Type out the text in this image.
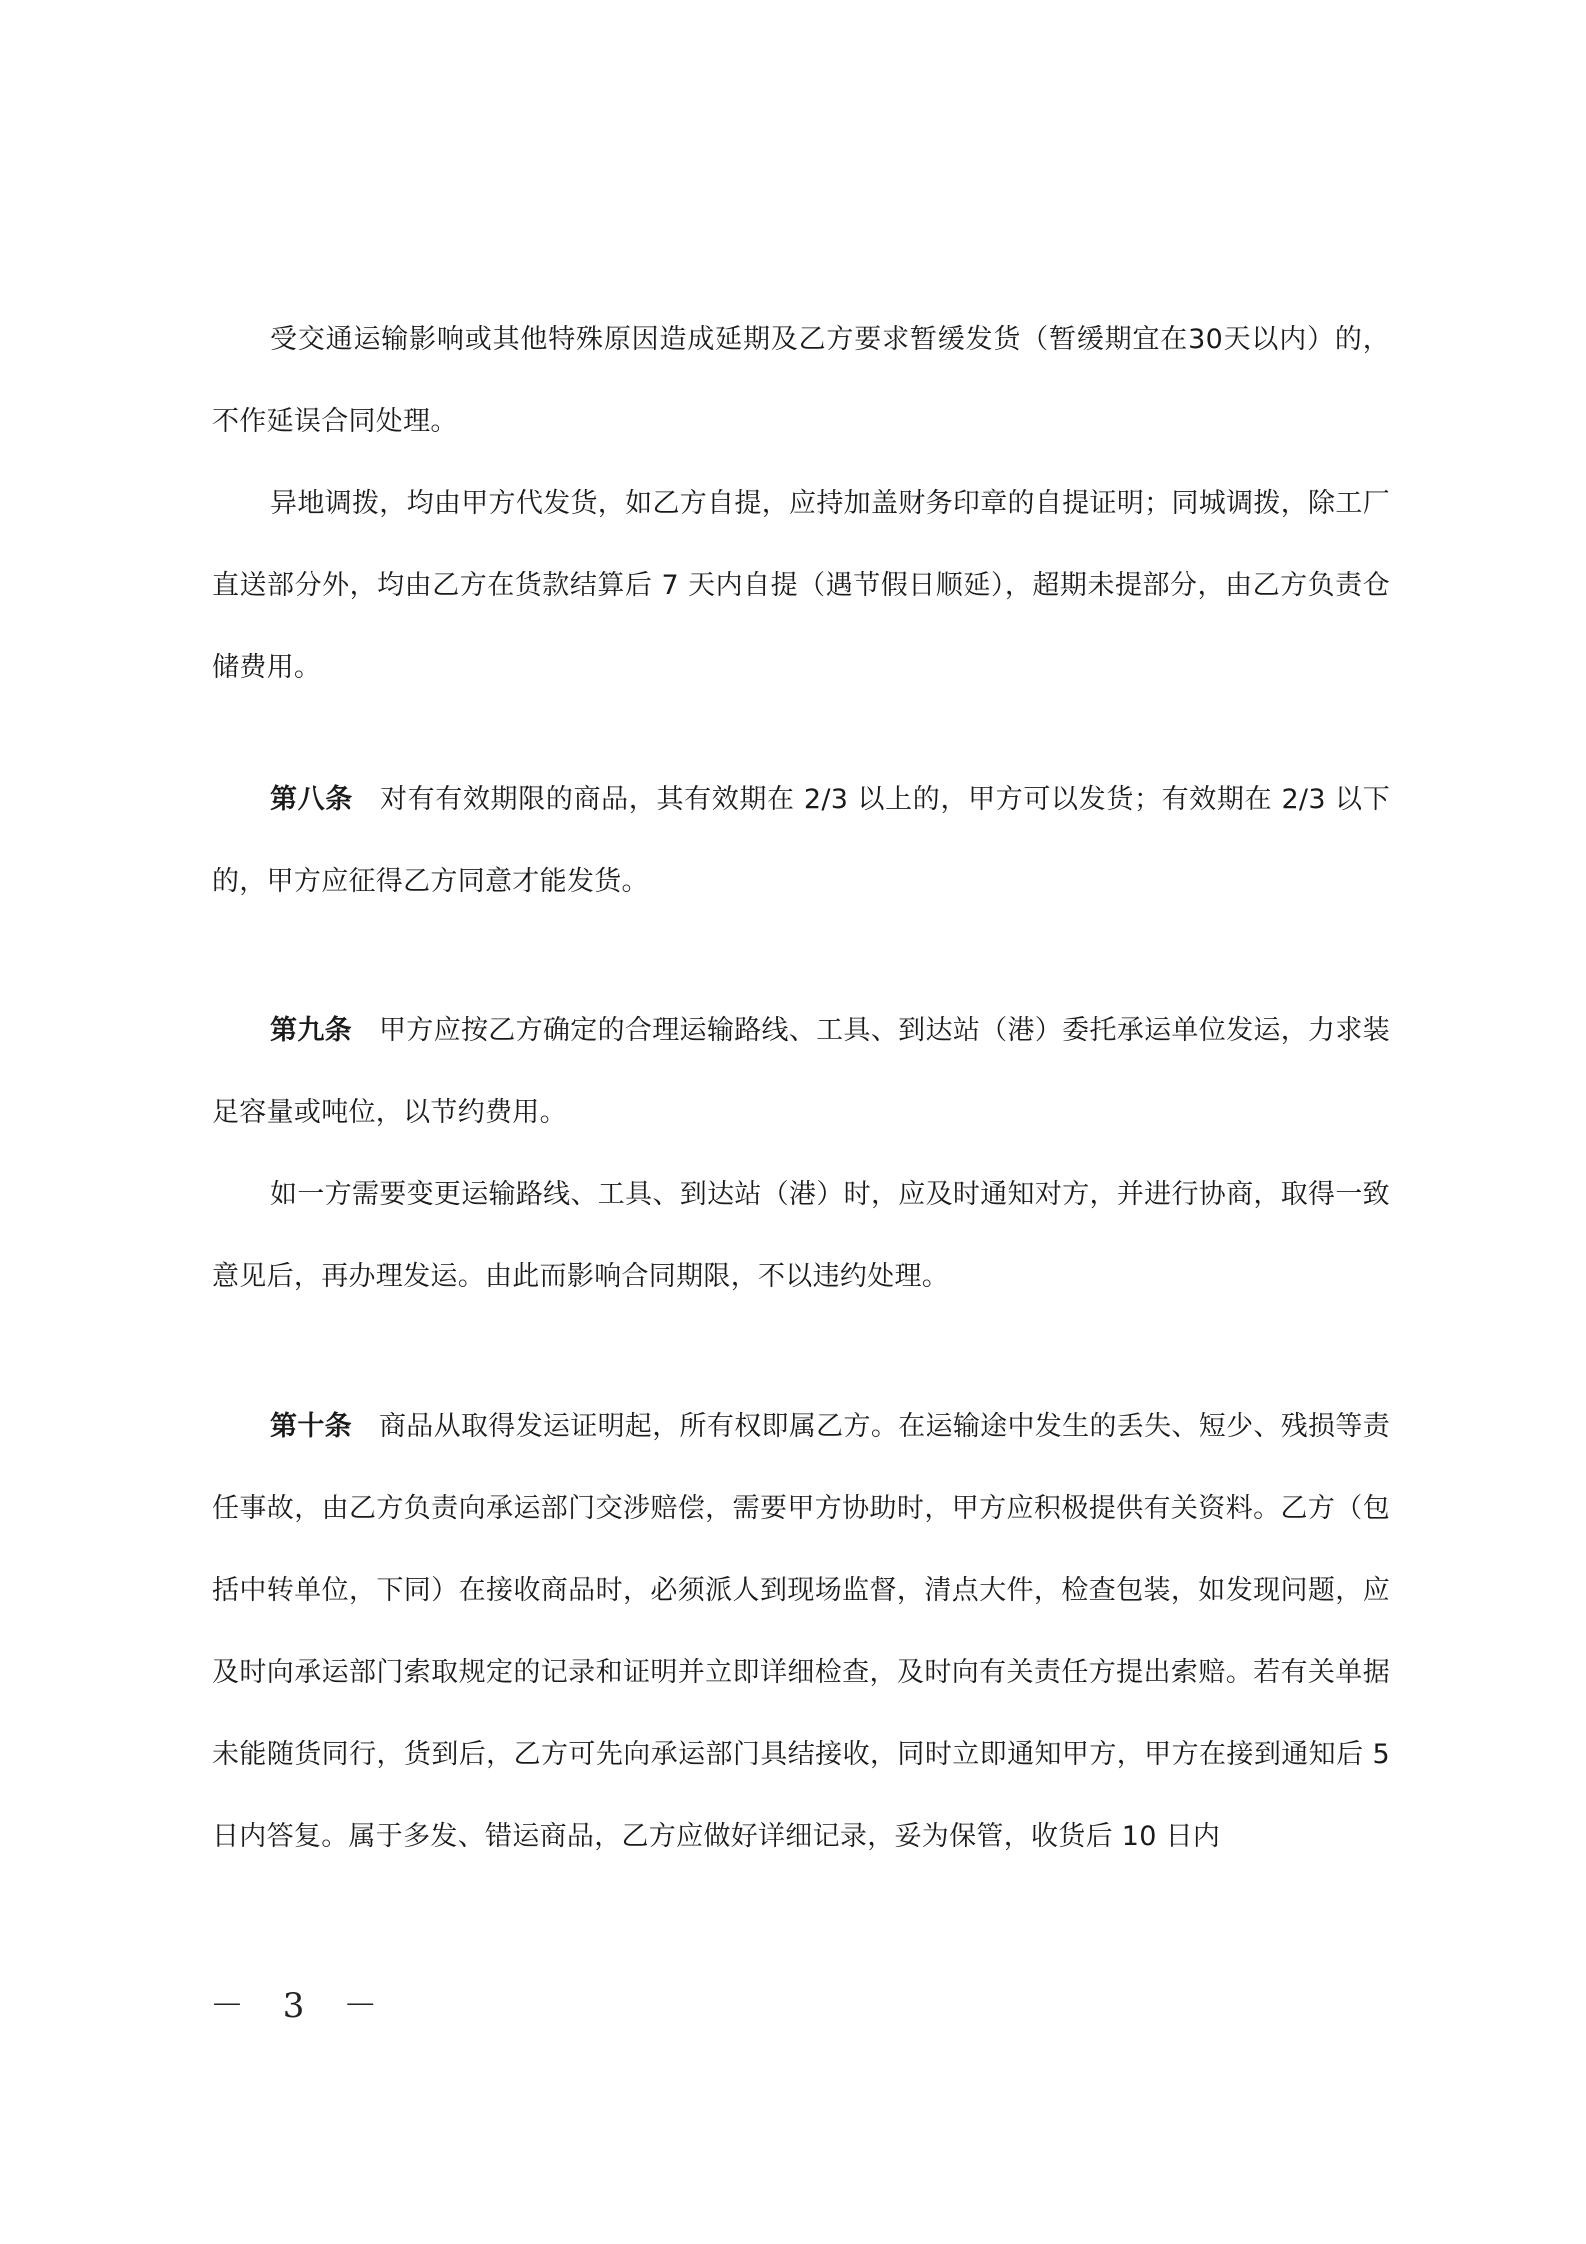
受交通运输影响或其他特殊原因造成延期及乙方要求暂缓发货（暂缓期宜在30天以内）的，不作延误合同处理。

异地调拨，均由甲方代发货，如乙方自提，应持加盖财务印章的自提证明；同城调拨，除工厂直送部分外，均由乙方在货款结算后 7 天内自提（遇节假日顺延），超期未提部分，由乙方负责仓储费用。

第八条 对有有效期限的商品，其有效期在 2/3 以上的，甲方可以发货；有效期在 2/3 以下的，甲方应征得乙方同意才能发货。

第九条 甲方应按乙方确定的合理运输路线、工具、到达站（港）委托承运单位发运，力求装足容量或吨位，以节约费用。

如一方需要变更运输路线、工具、到达站（港）时，应及时通知对方，并进行协商，取得一致意见后，再办理发运。由此而影响合同期限，不以违约处理。

第十条 商品从取得发运证明起，所有权即属乙方。在运输途中发生的丢失、短少、残损等责任事故，由乙方负责向承运部门交涉赔偿，需要甲方协助时，甲方应积极提供有关资料。乙方（包括中转单位，下同）在接收商品时，必须派人到现场监督，清点大件，检查包装，如发现问题，应及时向承运部门索取规定的记录和证明并立即详细检查，及时向有关责任方提出索赔。若有关单据未能随货同行，货到后，乙方可先向承运部门具结接收，同时立即通知甲方，甲方在接到通知后 5 日内答复。属于多发、错运商品，乙方应做好详细记录，妥为保管，收货后 10 日内

－ 3 －
